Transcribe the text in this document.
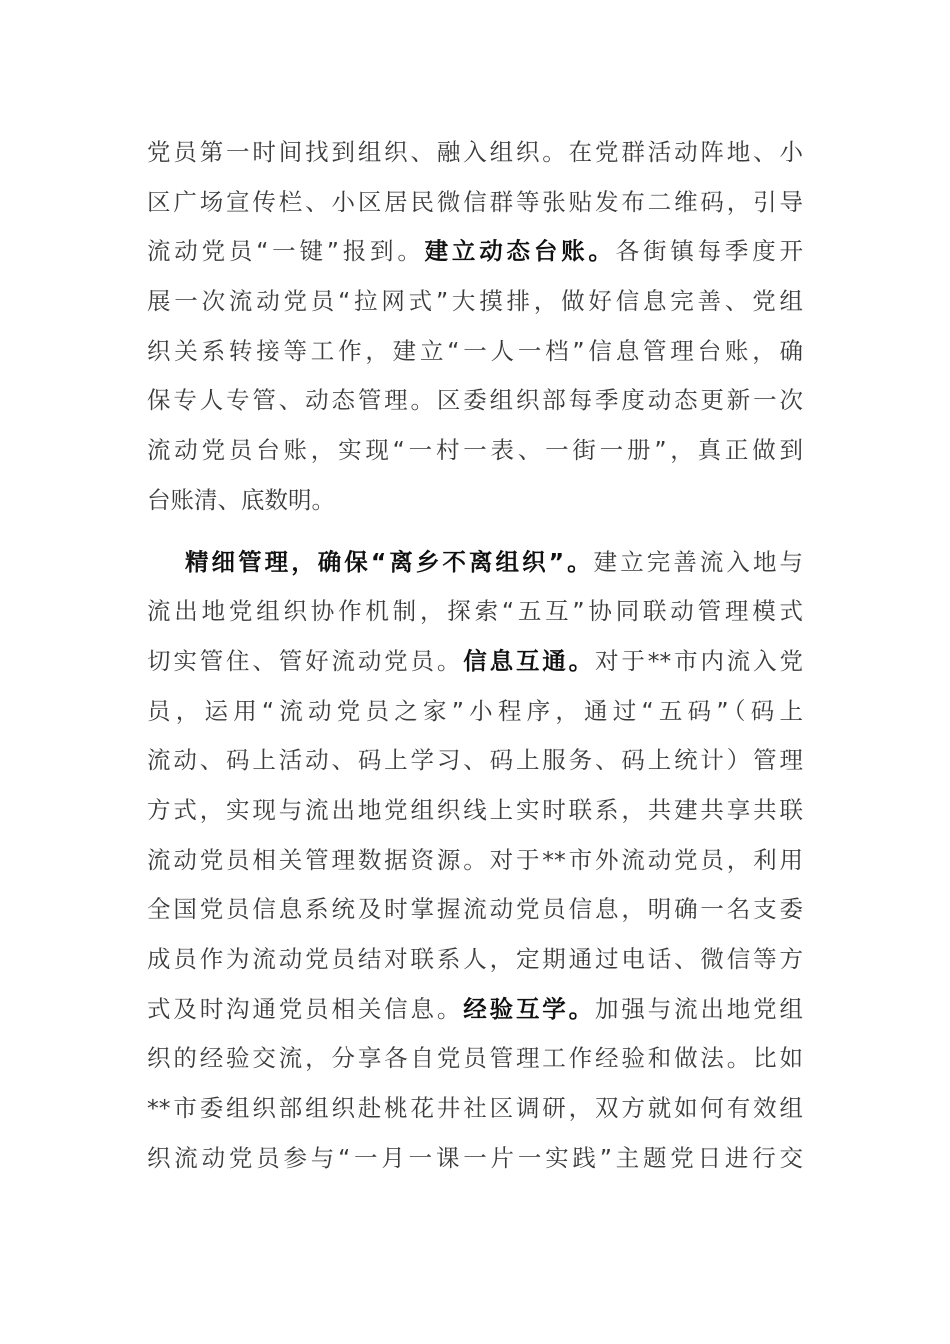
党员第一时间找到组织、融入组织。在党群活动阵地、小
区广场宣传栏、小区居民微信群等张贴发布二维码，引导
流动党员“一键”报到。建立动态台账。各街镇每季度开
展一次流动党员“拉网式”大摸排，做好信息完善、党组
织关系转接等工作，建立“一人一档”信息管理台账，确
保专人专管、动态管理。区委组织部每季度动态更新一次
流动党员台账，实现“一村一表、一街一册”，真正做到
台账清、底数明。
精细管理，确保“离乡不离组织”。建立完善流入地与
流出地党组织协作机制，探索“五互”协同联动管理模式
切实管住、管好流动党员。信息互通。对于**市内流入党
员，运用“流动党员之家”小程序，通过“五码”（码上
流动、码上活动、码上学习、码上服务、码上统计）管理
方式，实现与流出地党组织线上实时联系，共建共享共联
流动党员相关管理数据资源。对于**市外流动党员，利用
全国党员信息系统及时掌握流动党员信息，明确一名支委
成员作为流动党员结对联系人，定期通过电话、微信等方
式及时沟通党员相关信息。经验互学。加强与流出地党组
织的经验交流，分享各自党员管理工作经验和做法。比如
**市委组织部组织赴桃花井社区调研，双方就如何有效组
织流动党员参与“一月一课一片一实践”主题党日进行交
